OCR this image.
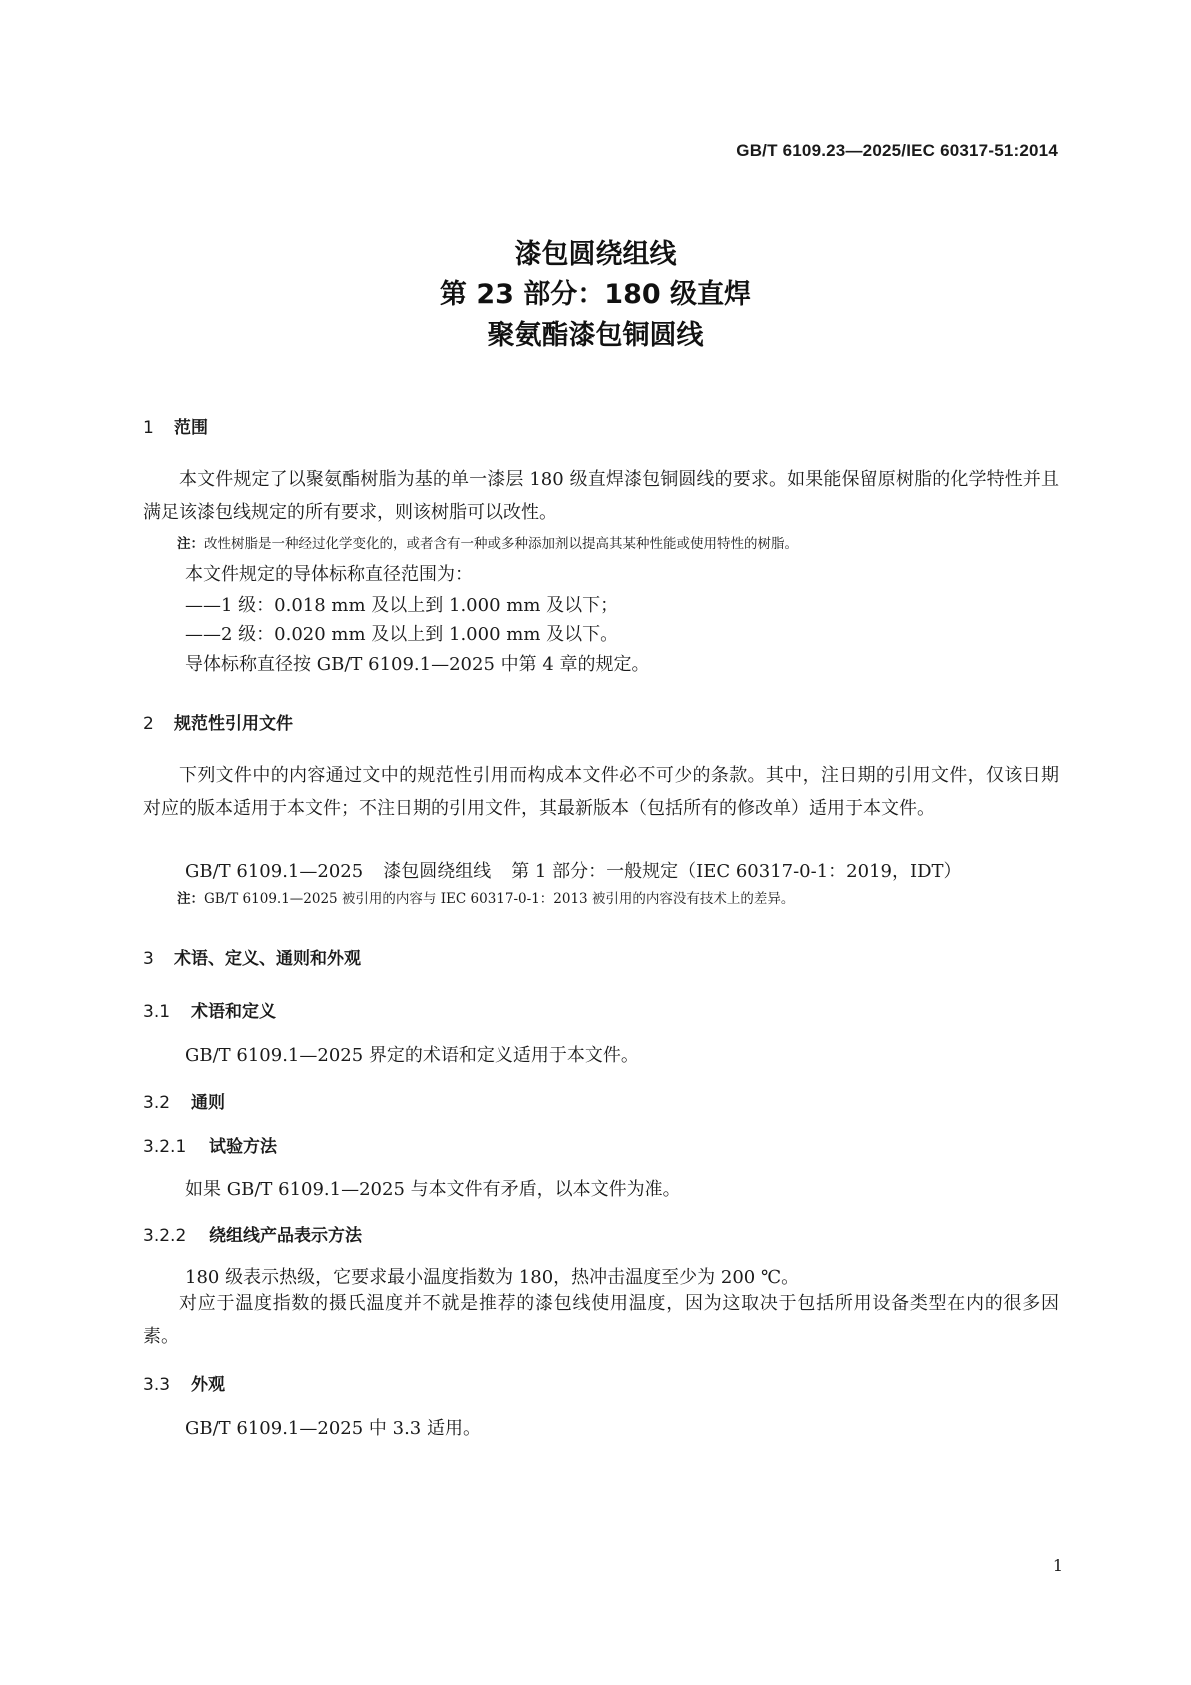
GB/T 6109.23—2025/IEC 60317-51:2014
漆包圆绕组线
第 23 部分：180 级直焊
聚氨酯漆包铜圆线
1 范围
本文件规定了以聚氨酯树脂为基的单一漆层 180 级直焊漆包铜圆线的要求。如果能保留原树脂的化学特性并且满足该漆包线规定的所有要求，则该树脂可以改性。
注：改性树脂是一种经过化学变化的，或者含有一种或多种添加剂以提高其某种性能或使用特性的树脂。
本文件规定的导体标称直径范围为：
——1 级：0.018 mm 及以上到 1.000 mm 及以下；
——2 级：0.020 mm 及以上到 1.000 mm 及以下。
导体标称直径按 GB/T 6109.1—2025 中第 4 章的规定。
2 规范性引用文件
下列文件中的内容通过文中的规范性引用而构成本文件必不可少的条款。其中，注日期的引用文件，仅该日期对应的版本适用于本文件；不注日期的引用文件，其最新版本（包括所有的修改单）适用于本文件。
GB/T 6109.1—2025 漆包圆绕组线 第 1 部分：一般规定（IEC 60317-0-1：2019，IDT）
注：GB/T 6109.1—2025 被引用的内容与 IEC 60317-0-1：2013 被引用的内容没有技术上的差异。
3 术语、定义、通则和外观
3.1 术语和定义
GB/T 6109.1—2025 界定的术语和定义适用于本文件。
3.2 通则
3.2.1 试验方法
如果 GB/T 6109.1—2025 与本文件有矛盾，以本文件为准。
3.2.2 绕组线产品表示方法
180 级表示热级，它要求最小温度指数为 180，热冲击温度至少为 200 ℃。
对应于温度指数的摄氏温度并不就是推荐的漆包线使用温度，因为这取决于包括所用设备类型在内的很多因素。
3.3 外观
GB/T 6109.1—2025 中 3.3 适用。
1
